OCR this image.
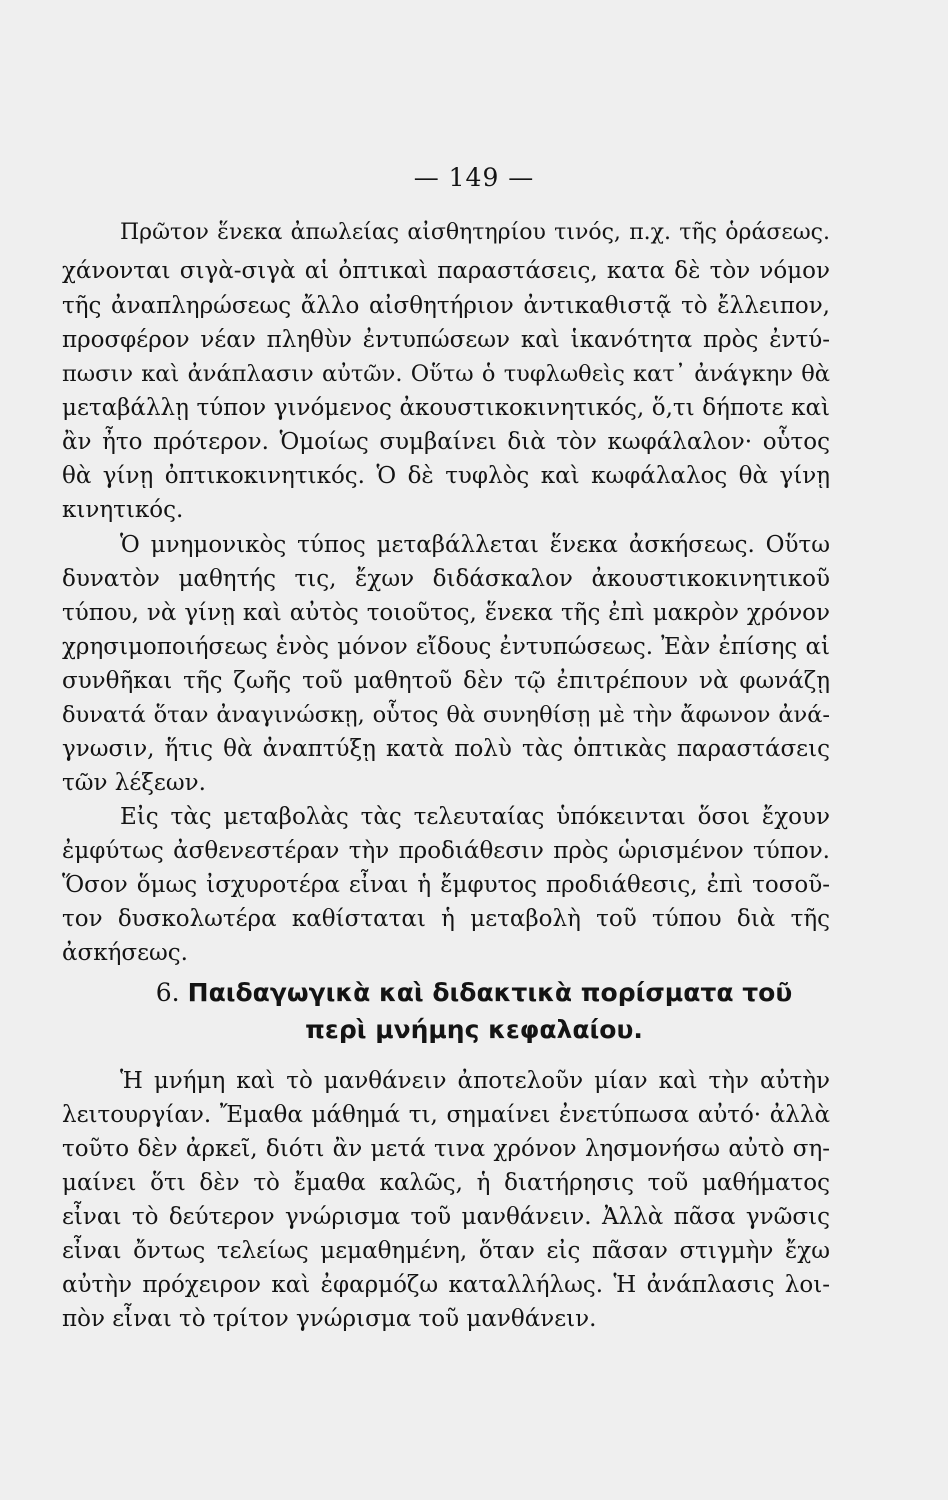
— 149 —
Πρῶτον ἕνεκα ἀπωλείας αἰσθητηρίου τινός, π.χ. τῆς ὁράσεως.
χάνονται σιγὰ-σιγὰ αἱ ὀπτικαὶ παραστάσεις, κατα δὲ τὸν νόμον
τῆς ἀναπληρώσεως ἄλλο αἰσθητήριον ἀντικαθιστᾷ τὸ ἔλλειπον,
προσφέρον νέαν πληθὺν ἐντυπώσεων καὶ ἱκανότητα πρὸς ἐντύ-
πωσιν καὶ ἀνάπλασιν αὐτῶν. Οὕτω ὁ τυφλωθεὶς κατ᾽ ἀνάγκην θὰ
μεταβάλλῃ τύπον γινόμενος ἀκουστικοκινητικός, ὅ,τι δήποτε καὶ
ἂν ἦτο πρότερον. Ὁμοίως συμβαίνει διὰ τὸν κωφάλαλον· οὗτος
θὰ γίνῃ ὀπτικοκινητικός. Ὁ δὲ τυφλὸς καὶ κωφάλαλος θὰ γίνῃ
κινητικός.
Ὁ μνημονικὸς τύπος μεταβάλλεται ἕνεκα ἀσκήσεως. Οὕτω
δυνατὸν μαθητής τις, ἔχων διδάσκαλον ἀκουστικοκινητικοῦ
τύπου, νὰ γίνῃ καὶ αὐτὸς τοιοῦτος, ἕνεκα τῆς ἐπὶ μακρὸν χρόνον
χρησιμοποιήσεως ἑνὸς μόνον εἴδους ἐντυπώσεως. Ἐὰν ἐπίσης αἱ
συνθῆκαι τῆς ζωῆς τοῦ μαθητοῦ δὲν τῷ ἐπιτρέπουν νὰ φωνάζῃ
δυνατά ὅταν ἀναγινώσκῃ, οὗτος θὰ συνηθίσῃ μὲ τὴν ἄφωνον ἀνά-
γνωσιν, ἥτις θὰ ἀναπτύξῃ κατὰ πολὺ τὰς ὀπτικὰς παραστάσεις
τῶν λέξεων.
Εἰς τὰς μεταβολὰς τὰς τελευταίας ὑπόκεινται ὅσοι ἔχουν
ἐμφύτως ἀσθενεστέραν τὴν προδιάθεσιν πρὸς ὡρισμένον τύπον.
Ὅσον ὅμως ἰσχυροτέρα εἶναι ἡ ἔμφυτος προδιάθεσις, ἐπὶ τοσοῦ-
τον δυσκολωτέρα καθίσταται ἡ μεταβολὴ τοῦ τύπου διὰ τῆς
ἀσκήσεως.
6. Παιδαγωγικὰ καὶ διδακτικὰ πορίσματα τοῦ
περὶ μνήμης κεφαλαίου.
Ἡ μνήμη καὶ τὸ μανθάνειν ἀποτελοῦν μίαν καὶ τὴν αὐτὴν
λειτουργίαν. Ἔμαθα μάθημά τι, σημαίνει ἐνετύπωσα αὐτό· ἀλλὰ
τοῦτο δὲν ἀρκεῖ, διότι ἂν μετά τινα χρόνον λησμονήσω αὐτὸ ση-
μαίνει ὅτι δὲν τὸ ἔμαθα καλῶς, ἡ διατήρησις τοῦ μαθήματος
εἶναι τὸ δεύτερον γνώρισμα τοῦ μανθάνειν. Ἀλλὰ πᾶσα γνῶσις
εἶναι ὄντως τελείως μεμαθημένη, ὅταν εἰς πᾶσαν στιγμὴν ἔχω
αὐτὴν πρόχειρον καὶ ἐφαρμόζω καταλλήλως. Ἡ ἀνάπλασις λοι-
πὸν εἶναι τὸ τρίτον γνώρισμα τοῦ μανθάνειν.
